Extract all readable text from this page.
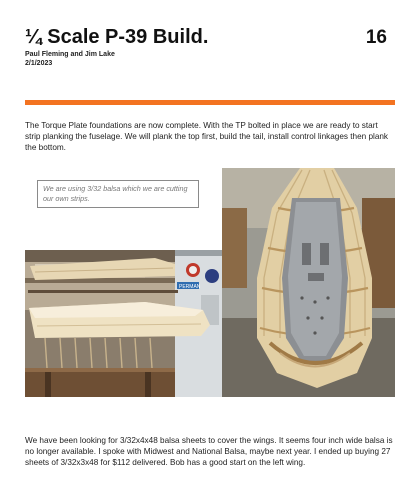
¼ Scale P-39 Build.	16
Paul Fleming and Jim Lake
2/1/2023

The Torque Plate foundations are now complete. With the TP bolted in place we are ready to start strip planking the fuselage. We will plank the top first, build the tail, install control linkages then plank the bottom.

We are using 3/32 balsa which we are cutting our own strips.
PERMAN

We have been looking for 3/32x4x48 balsa sheets to cover the wings. It seems four inch wide balsa is no longer available. I spoke with Midwest and National Balsa, maybe next year. I ended up buying 27 sheets of 3/32x3x48 for $112 delivered. Bob has a good start on the left wing.
